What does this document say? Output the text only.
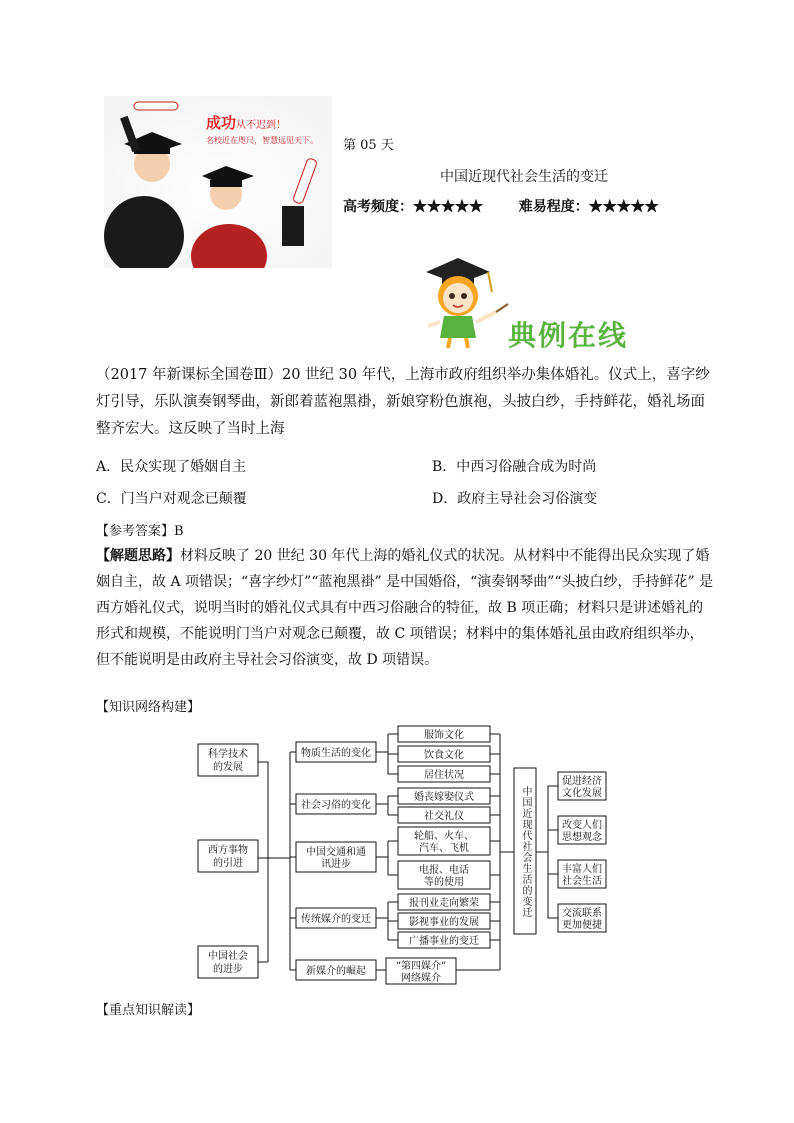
成功从不迟到！
名校近在咫尺，智慧远见天下。 第 05 天
中国近现代社会生活的变迁
高考频度：★★★★★	难易程度：★★★★★
典例在线
（2017 年新课标全国卷Ⅲ）20 世纪 30 年代，上海市政府组织举办集体婚礼。仪式上，喜字纱灯引导，乐队演奏钢琴曲，新郎着蓝袍黑褂，新娘穿粉色旗袍，头披白纱，手持鲜花，婚礼场面整齐宏大。这反映了当时上海
A．民众实现了婚姻自主	B．中西习俗融合成为时尚
C．门当户对观念已颠覆	D．政府主导社会习俗演变
【参考答案】B
【解题思路】材料反映了 20 世纪 30 年代上海的婚礼仪式的状况。从材料中不能得出民众实现了婚姻自主，故 A 项错误；“喜字纱灯”“蓝袍黑褂” 是中国婚俗，“演奏钢琴曲”“头披白纱，手持鲜花” 是西方婚礼仪式，说明当时的婚礼仪式具有中西习俗融合的特征，故 B 项正确；材料只是讲述婚礼的形式和规模，不能说明门当户对观念已颠覆，故 C 项错误；材料中的集体婚礼虽由政府组织举办，但不能说明是由政府主导社会习俗演变，故 D 项错误。
【知识网络构建】
科学技术
的发展
西方事物
的引进
中国社会
的进步
物质生活的变化
社会习俗的变化
中国交通和通
讯进步
传统媒介的变迁
新媒介的崛起
服饰文化
饮食文化
居住状况
婚丧嫁娶仪式
社交礼仪
轮船、火车、
汽车、飞机
电报、电话
等的使用
报刊业走向繁荣
影视事业的发展
广播事业的变迁
“第四媒介”
网络媒介
中国近现代社会生活的变迁
促进经济
文化发展
改变人们
思想观念
丰富人们
社会生活
交流联系
更加便捷
【重点知识解读】
